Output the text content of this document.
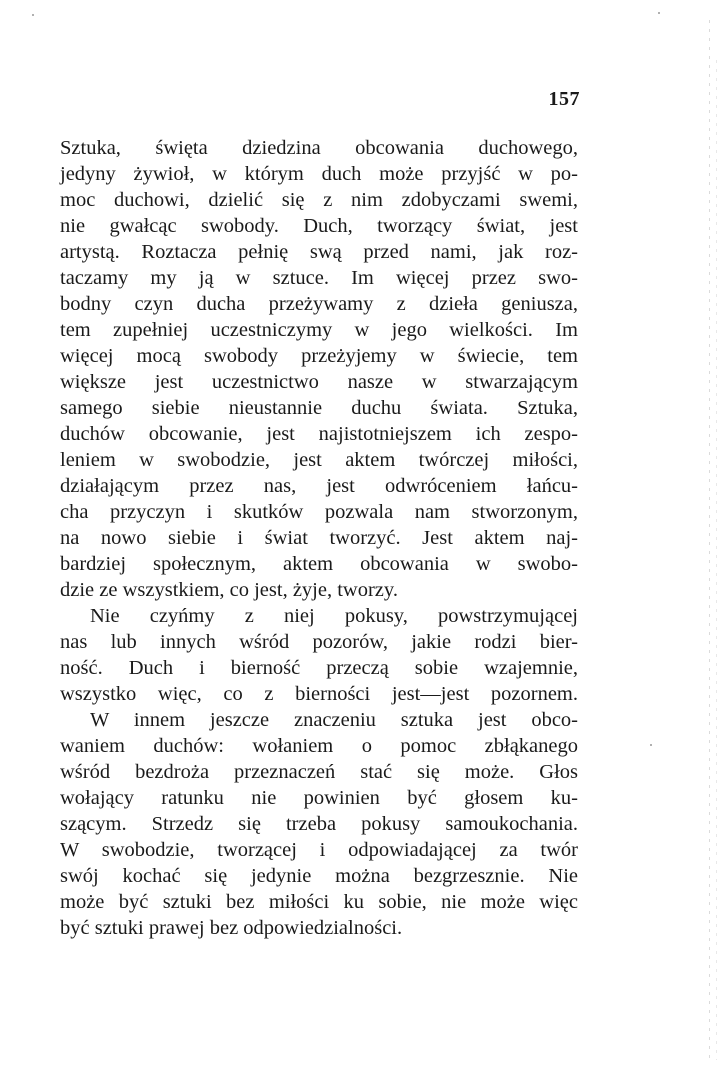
157
Sztuka, święta dziedzina obcowania duchowego,
jedyny żywioł, w którym duch może przyjść w po-
moc duchowi, dzielić się z nim zdobyczami swemi,
nie gwałcąc swobody. Duch, tworzący świat, jest
artystą. Roztacza pełnię swą przed nami, jak roz-
taczamy my ją w sztuce. Im więcej przez swo-
bodny czyn ducha przeżywamy z dzieła geniusza,
tem zupełniej uczestniczymy w jego wielkości. Im
więcej mocą swobody przeżyjemy w świecie, tem
większe jest uczestnictwo nasze w stwarzającym
samego siebie nieustannie duchu świata. Sztuka,
duchów obcowanie, jest najistotniejszem ich zespo-
leniem w swobodzie, jest aktem twórczej miłości,
działającym przez nas, jest odwróceniem łańcu-
cha przyczyn i skutków pozwala nam stworzonym,
na nowo siebie i świat tworzyć. Jest aktem naj-
bardziej społecznym, aktem obcowania w swobo-
dzie ze wszystkiem, co jest, żyje, tworzy.
Nie czyńmy z niej pokusy, powstrzymującej
nas lub innych wśród pozorów, jakie rodzi bier-
ność. Duch i bierność przeczą sobie wzajemnie,
wszystko więc, co z bierności jest—jest pozornem.
W innem jeszcze znaczeniu sztuka jest obco-
waniem duchów: wołaniem o pomoc zbłąkanego
wśród bezdroża przeznaczeń stać się może. Głos
wołający ratunku nie powinien być głosem ku-
szącym. Strzedz się trzeba pokusy samoukochania.
W swobodzie, tworzącej i odpowiadającej za twór
swój kochać się jedynie można bezgrzesznie. Nie
może być sztuki bez miłości ku sobie, nie może więc
być sztuki prawej bez odpowiedzialności.
